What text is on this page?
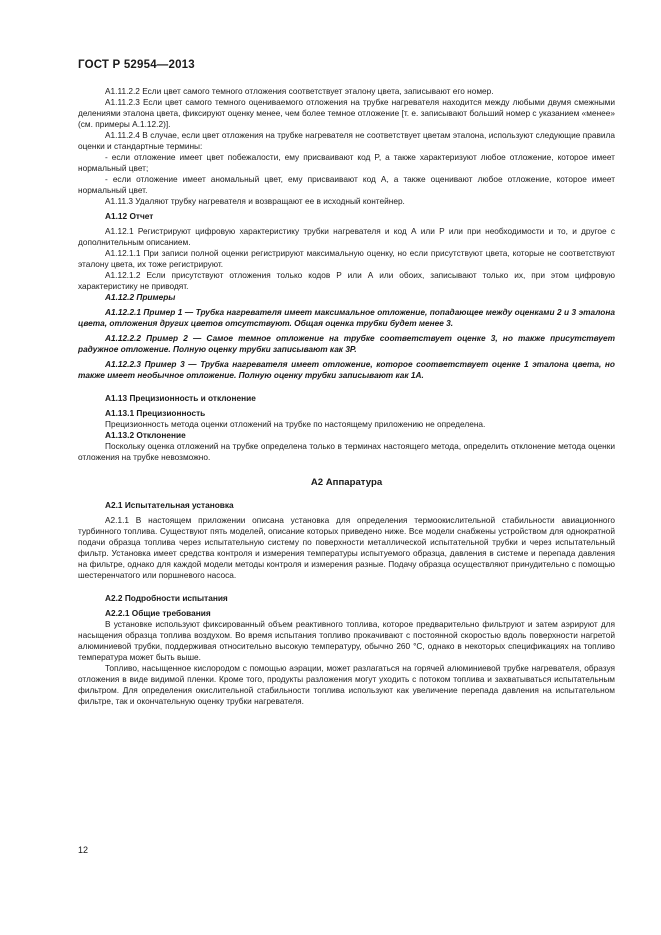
ГОСТ Р 52954—2013

А1.11.2.2 Если цвет самого темного отложения соответствует эталону цвета, записывают его номер.

А1.11.2.3 Если цвет самого темного оцениваемого отложения на трубке нагревателя находится между любыми двумя смежными делениями эталона цвета, фиксируют оценку менее, чем более темное отложение [т. е. записывают больший номер с указанием «менее» (см. примеры А.1.12.2)].

А1.11.2.4 В случае, если цвет отложения на трубке нагревателя не соответствует цветам эталона, используют следующие правила оценки и стандартные термины:

- если отложение имеет цвет побежалости, ему присваивают код P, а также характеризуют любое отложение, которое имеет нормальный цвет;

- если отложение имеет аномальный цвет, ему присваивают код А, а также оценивают любое отложение, которое имеет нормальный цвет.

А1.11.3 Удаляют трубку нагревателя и возвращают ее в исходный контейнер.

А1.12 Отчет

А1.12.1 Регистрируют цифровую характеристику трубки нагревателя и код А или Р или при необходимости и то, и другое с дополнительным описанием.

А1.12.1.1 При записи полной оценки регистрируют максимальную оценку, но если присутствуют цвета, которые не соответствуют эталону цвета, их тоже регистрируют.

А1.12.1.2 Если присутствуют отложения только кодов Р или А или обоих, записывают только их, при этом цифровую характеристику не приводят.

А1.12.2 Примеры

А1.12.2.1 Пример 1 — Трубка нагревателя имеет максимальное отложение, попадающее между оценками 2 и 3 эталона цвета, отложения других цветов отсутствуют. Общая оценка трубки будет менее 3.

А1.12.2.2 Пример 2 — Самое темное отложение на трубке соответствует оценке 3, но также присутствует радужное отложение. Полную оценку трубки записывают как 3Р.

А1.12.2.3 Пример 3 — Трубка нагревателя имеет отложение, которое соответствует оценке 1 эталона цвета, но также имеет необычное отложение. Полную оценку трубки записывают как 1А.

А1.13 Прецизионность и отклонение

А1.13.1 Прецизионность

Прецизионность метода оценки отложений на трубке по настоящему приложению не определена.

А1.13.2 Отклонение

Поскольку оценка отложений на трубке определена только в терминах настоящего метода, определить отклонение метода оценки отложения на трубке невозможно.

А2 Аппаратура

А2.1 Испытательная установка

А2.1.1 В настоящем приложении описана установка для определения термоокислительной стабильности авиационного турбинного топлива. Существуют пять моделей, описание которых приведено ниже. Все модели снабжены устройством для однократной подачи образца топлива через испытательную систему по поверхности металлической испытательной трубки и через испытательный фильтр. Установка имеет средства контроля и измерения температуры испытуемого образца, давления в системе и перепада давления на фильтре, однако для каждой модели методы контроля и измерения разные. Подачу образца осуществляют принудительно с помощью шестеренчатого или поршневого насоса.

А2.2 Подробности испытания

А2.2.1 Общие требования

В установке используют фиксированный объем реактивного топлива, которое предварительно фильтруют и затем аэрируют для насыщения образца топлива воздухом. Во время испытания топливо прокачивают с постоянной скоростью вдоль поверхности нагретой алюминиевой трубки, поддерживая относительно высокую температуру, обычно 260 °С, однако в некоторых спецификациях на топливо температура может быть выше.

Топливо, насыщенное кислородом с помощью аэрации, может разлагаться на горячей алюминиевой трубке нагревателя, образуя отложения в виде видимой пленки. Кроме того, продукты разложения могут уходить с потоком топлива и захватываться испытательным фильтром. Для определения окислительной стабильности топлива используют как увеличение перепада давления на испытательном фильтре, так и окончательную оценку трубки нагревателя.

12
